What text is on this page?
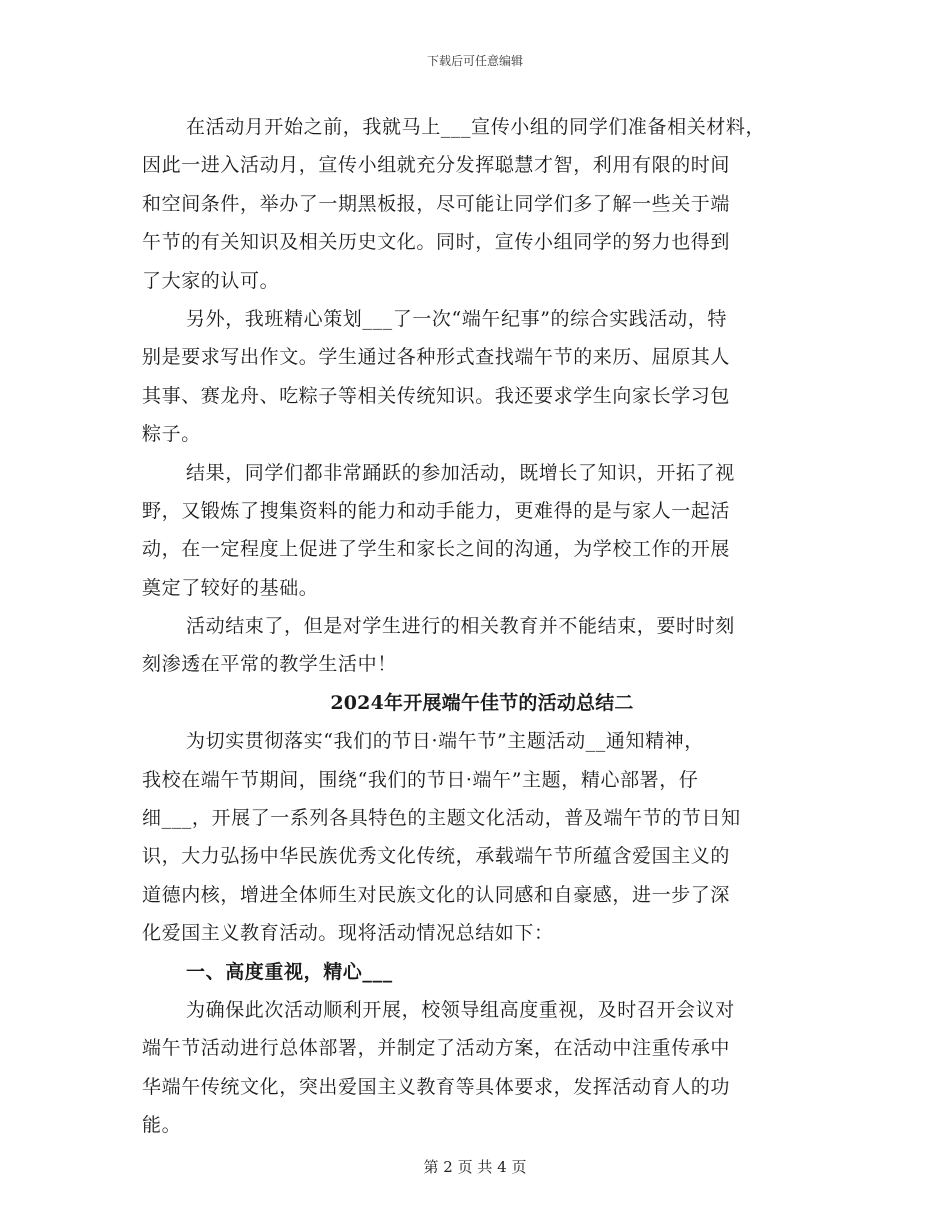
下载后可任意编辑
在活动月开始之前，我就马上___宣传小组的同学们准备相关材料，
因此一进入活动月，宣传小组就充分发挥聪慧才智，利用有限的时间
和空间条件，举办了一期黑板报，尽可能让同学们多了解一些关于端
午节的有关知识及相关历史文化。同时，宣传小组同学的努力也得到
了大家的认可。
另外，我班精心策划___了一次“端午纪事”的综合实践活动，特
别是要求写出作文。学生通过各种形式查找端午节的来历、屈原其人
其事、赛龙舟、吃粽子等相关传统知识。我还要求学生向家长学习包
粽子。
结果，同学们都非常踊跃的参加活动，既增长了知识，开拓了视
野，又锻炼了搜集资料的能力和动手能力，更难得的是与家人一起活
动，在一定程度上促进了学生和家长之间的沟通，为学校工作的开展
奠定了较好的基础。
活动结束了，但是对学生进行的相关教育并不能结束，要时时刻
刻渗透在平常的教学生活中！
2024年开展端午佳节的活动总结二
为切实贯彻落实“我们的节日·端午节”主题活动__通知精神，
我校在端午节期间，围绕“我们的节日·端午”主题，精心部署，仔
细___，开展了一系列各具特色的主题文化活动，普及端午节的节日知
识，大力弘扬中华民族优秀文化传统，承载端午节所蕴含爱国主义的
道德内核，增进全体师生对民族文化的认同感和自豪感，进一步了深
化爱国主义教育活动。现将活动情况总结如下：
一、高度重视，精心___
为确保此次活动顺利开展，校领导组高度重视，及时召开会议对
端午节活动进行总体部署，并制定了活动方案，在活动中注重传承中
华端午传统文化，突出爱国主义教育等具体要求，发挥活动育人的功
能。
第 2 页 共 4 页
